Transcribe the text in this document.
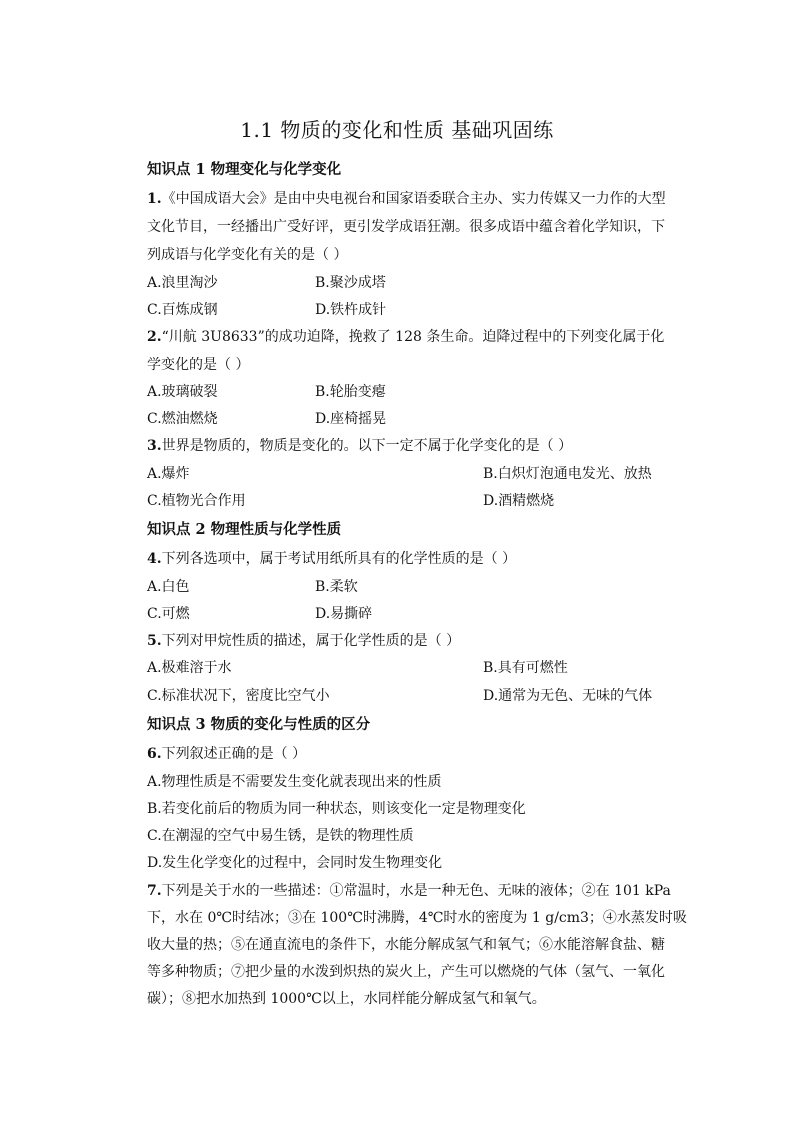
1.1 物质的变化和性质 基础巩固练
知识点 1 物理变化与化学变化
1.《中国成语大会》是由中央电视台和国家语委联合主办、实力传媒又一力作的大型
文化节目，一经播出广受好评，更引发学成语狂潮。很多成语中蕴含着化学知识，下
列成语与化学变化有关的是（ ）
A.浪里淘沙	B.聚沙成塔
C.百炼成钢	D.铁杵成针
2.“川航 3U8633”的成功迫降，挽救了 128 条生命。迫降过程中的下列变化属于化
学变化的是（ ）
A.玻璃破裂	B.轮胎变瘪
C.燃油燃烧	D.座椅摇晃
3.世界是物质的，物质是变化的。以下一定不属于化学变化的是（ ）
A.爆炸	B.白炽灯泡通电发光、放热
C.植物光合作用	D.酒精燃烧
知识点 2 物理性质与化学性质
4.下列各选项中，属于考试用纸所具有的化学性质的是（ ）
A.白色	B.柔软
C.可燃	D.易撕碎
5.下列对甲烷性质的描述，属于化学性质的是（ ）
A.极难溶于水	B.具有可燃性
C.标准状况下，密度比空气小	D.通常为无色、无味的气体
知识点 3 物质的变化与性质的区分
6.下列叙述正确的是（ ）
A.物理性质是不需要发生变化就表现出来的性质
B.若变化前后的物质为同一种状态，则该变化一定是物理变化
C.在潮湿的空气中易生锈，是铁的物理性质
D.发生化学变化的过程中，会同时发生物理变化
7.下列是关于水的一些描述：①常温时，水是一种无色、无味的液体；②在 101 kPa
下，水在 0℃时结冰；③在 100℃时沸腾，4℃时水的密度为 1 g/cm3；④水蒸发时吸
收大量的热；⑤在通直流电的条件下，水能分解成氢气和氧气；⑥水能溶解食盐、糖
等多种物质；⑦把少量的水泼到炽热的炭火上，产生可以燃烧的气体（氢气、一氧化
碳）；⑧把水加热到 1000℃以上，水同样能分解成氢气和氧气。
